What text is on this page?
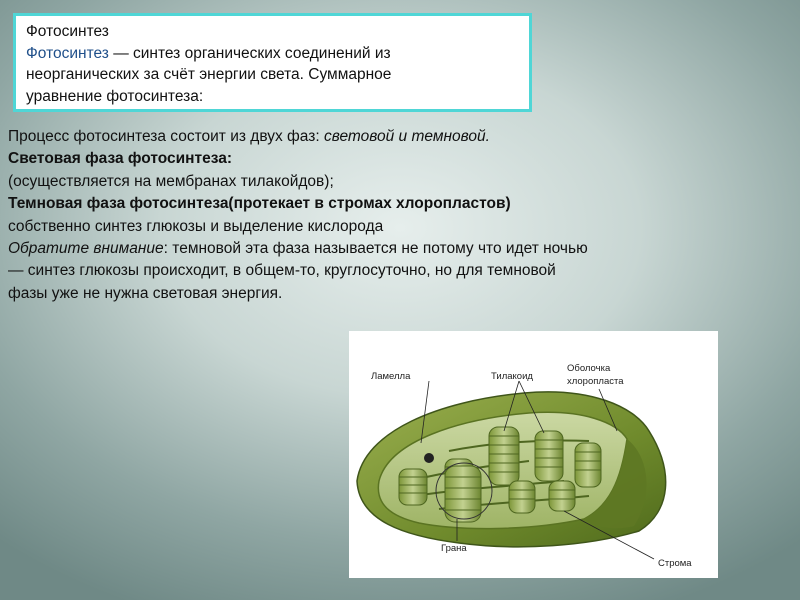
Фотосинтез
Фотосинтез — синтез органических соединений из
неорганических за счёт энергии света. Суммарное
уравнение фотосинтеза:

Процесс фотосинтеза состоит из двух фаз: световой и темновой.

Световая фаза фотосинтеза:

(осуществляется на мембранах тилакойдов);

Темновая фаза фотосинтеза(протекает в стромах хлоропластов)

собственно синтез глюкозы и выделение кислорода

Обратите внимание: темновой эта фаза называется не потому что идет ночью

— синтез глюкозы происходит, в общем-то, круглосуточно, но для темновой

фазы уже не нужна световая энергия.

Ламелла	Тилакоид
Оболочка
хлоропласта
Грана
Строма
